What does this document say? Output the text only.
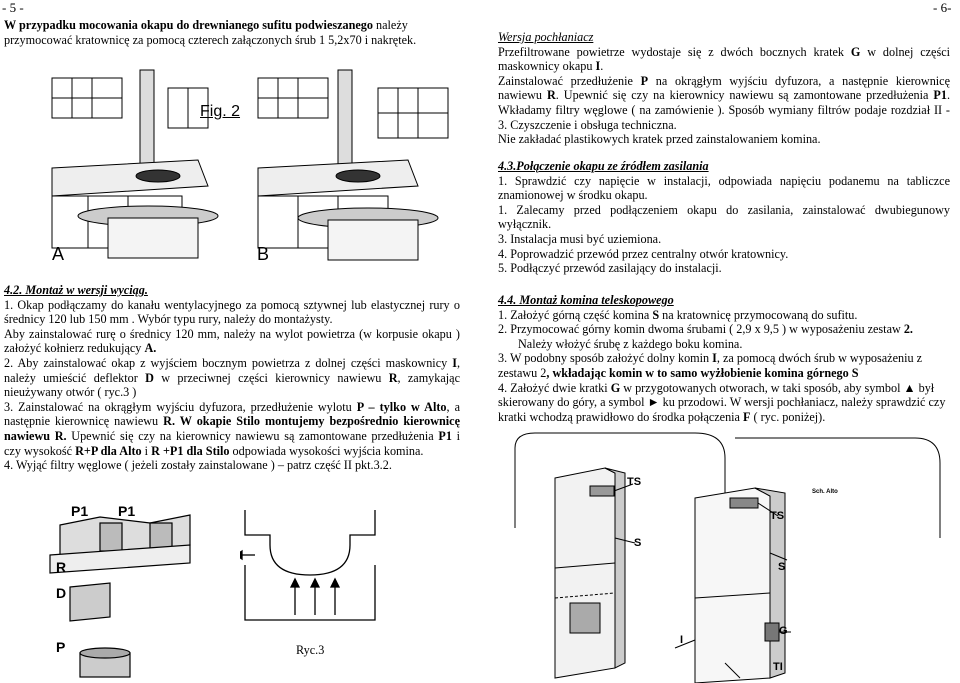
- 5 -	- 6-
W przypadku mocowania okapu do drewnianego sufitu podwieszanego należy przymocować kratownicę za pomocą czterech załączonych śrub 1 5,2x70 i nakrętek.
Fig. 2
A	B

4.2. Montaż w wersji wyciąg.

1. Okap podłączamy do kanału wentylacyjnego za pomocą sztywnej lub elastycznej rury o średnicy 120 lub 150 mm . Wybór typu rury, należy do montażysty.

Aby zainstalować rurę o średnicy 120 mm, należy na wylot powietrza (w korpusie okapu ) założyć kołnierz redukujący A.

2. Aby zainstalować okap z wyjściem bocznym powietrza z dolnej części maskownicy I, należy umieścić deflektor D w przeciwnej części kierownicy nawiewu R, zamykając nieużywany otwór ( ryc.3 )

3. Zainstalować na okrągłym wyjściu dyfuzora, przedłużenie wylotu P – tylko w Alto, a następnie kierownicę nawiewu R. W okapie Stilo montujemy bezpośrednio kierownicę nawiewu R. Upewnić się czy na kierownicy nawiewu są zamontowane przedłużenia P1 i czy wysokość R+P dla Alto i R +P1 dla Stilo odpowiada wysokości wyjścia komina.

4. Wyjąć filtry węglowe ( jeżeli zostały zainstalowane ) – patrz część II pkt.3.2.

P1 P1
R
D
P	Ryc.3

Wersja pochłaniacz

Przefiltrowane powietrze wydostaje się z dwóch bocznych kratek G w dolnej części maskownicy okapu I.

Zainstalować przedłużenie P na okrągłym wyjściu dyfuzora, a następnie kierownicę nawiewu R. Upewnić się czy na kierownicy nawiewu są zamontowane przedłużenia P1. Wkładamy filtry węglowe ( na zamówienie ). Sposób wymiany filtrów podaje rozdział II - 3. Czyszczenie i obsługa techniczna.

Nie zakładać plastikowych kratek przed zainstalowaniem komina.

4.3.Połączenie okapu ze źródłem zasilania

1. Sprawdzić czy napięcie w instalacji, odpowiada napięciu podanemu na tabliczce znamionowej w środku okapu.

1. Zalecamy przed podłączeniem okapu do zasilania, zainstalować dwubiegunowy wyłącznik.

3. Instalacja musi być uziemiona.

4. Poprowadzić przewód przez centralny otwór kratownicy.

5. Podłączyć przewód zasilający do instalacji.

4.4. Montaż komina teleskopowego

1. Założyć górną część komina S na kratownicę przymocowaną do sufitu.

2. Przymocować górny komin dwoma śrubami ( 2,9 x 9,5 ) w wyposażeniu zestaw 2.
Należy włożyć śrubę z każdego boku komina.

3. W podobny sposób założyć dolny komin I, za pomocą dwóch śrub w wyposażeniu z zestawu 2, wkładając komin w to samo wyżłobienie komina górnego S

4. Założyć dwie kratki G w przygotowanych otworach, w taki sposób, aby symbol ▲ był skierowany do góry, a symbol ► ku przodowi. W wersji pochłaniacz, należy sprawdzić czy kratki wchodzą prawidłowo do środka połączenia F ( ryc. poniżej).

TS
S
TS
S
I
G
TI
Sch. Alto
